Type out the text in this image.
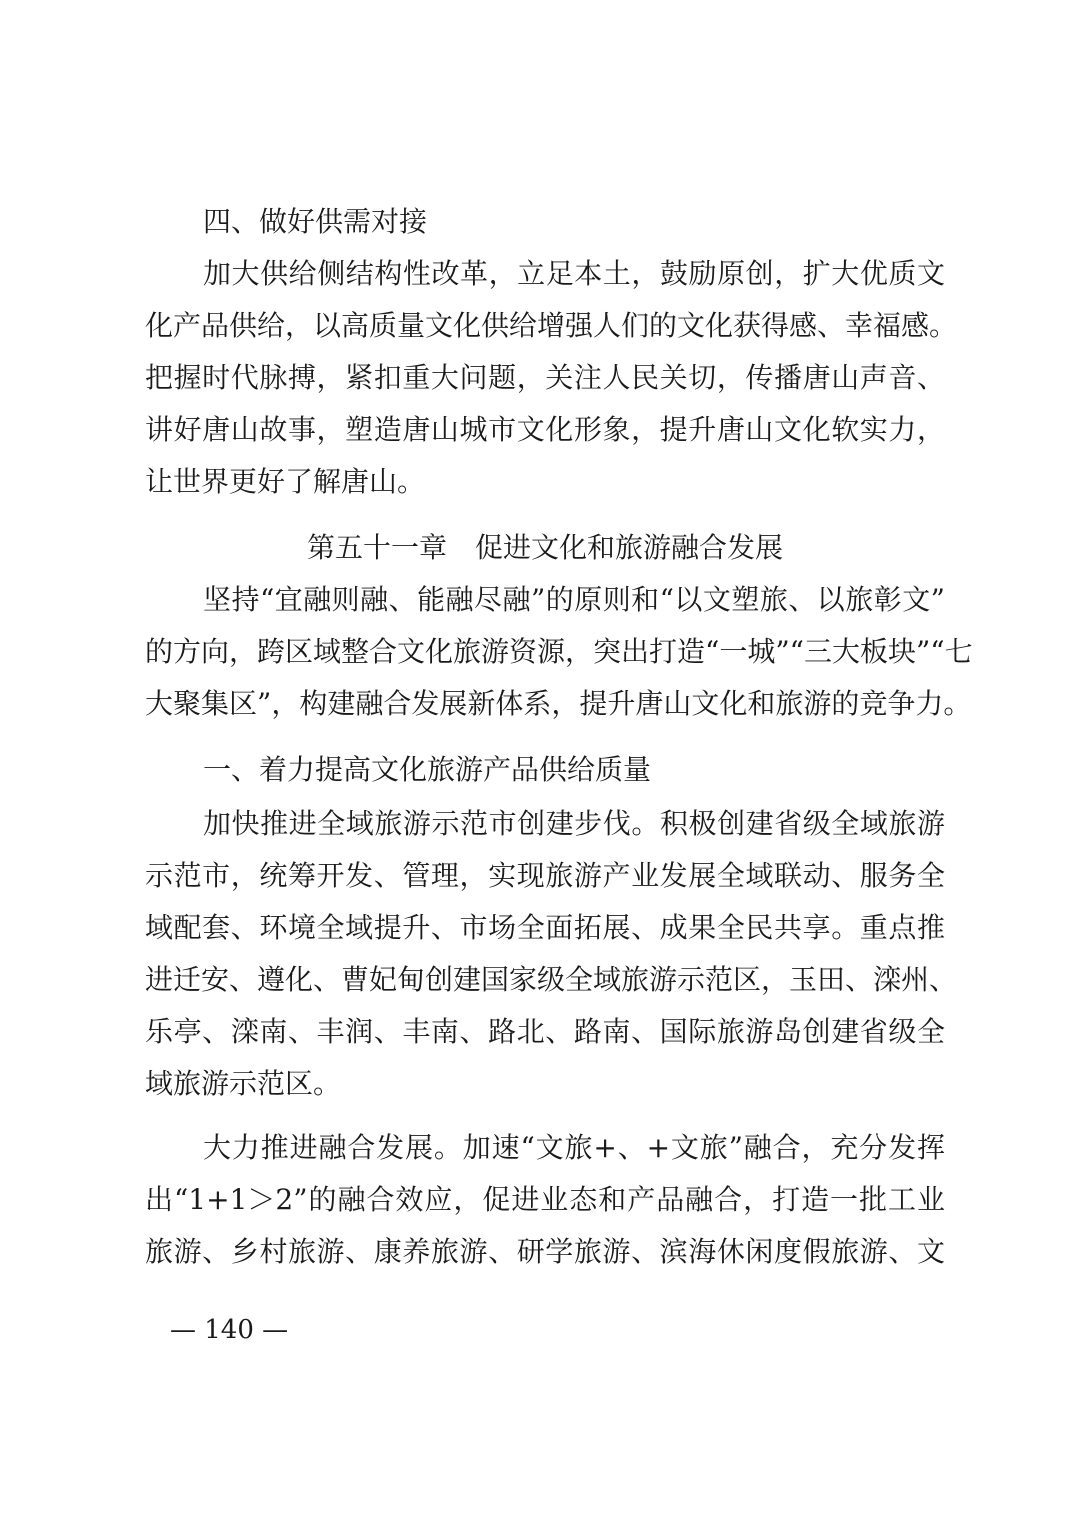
四、做好供需对接
加大供给侧结构性改革，立足本土，鼓励原创，扩大优质文
化产品供给，以高质量文化供给增强人们的文化获得感、幸福感。
把握时代脉搏，紧扣重大问题，关注人民关切，传播唐山声音、
讲好唐山故事，塑造唐山城市文化形象，提升唐山文化软实力，
让世界更好了解唐山。
第五十一章　促进文化和旅游融合发展
坚持“宜融则融、能融尽融”的原则和“以文塑旅、以旅彰文”
的方向，跨区域整合文化旅游资源，突出打造“一城”“三大板块”“七
大聚集区”，构建融合发展新体系，提升唐山文化和旅游的竞争力。
一、着力提高文化旅游产品供给质量
加快推进全域旅游示范市创建步伐。积极创建省级全域旅游
示范市，统筹开发、管理，实现旅游产业发展全域联动、服务全
域配套、环境全域提升、市场全面拓展、成果全民共享。重点推
进迁安、遵化、曹妃甸创建国家级全域旅游示范区，玉田、滦州、
乐亭、滦南、丰润、丰南、路北、路南、国际旅游岛创建省级全
域旅游示范区。
大力推进融合发展。加速“文旅+、+文旅”融合，充分发挥
出“1+1＞2”的融合效应，促进业态和产品融合，打造一批工业
旅游、乡村旅游、康养旅游、研学旅游、滨海休闲度假旅游、文
— 140 —
